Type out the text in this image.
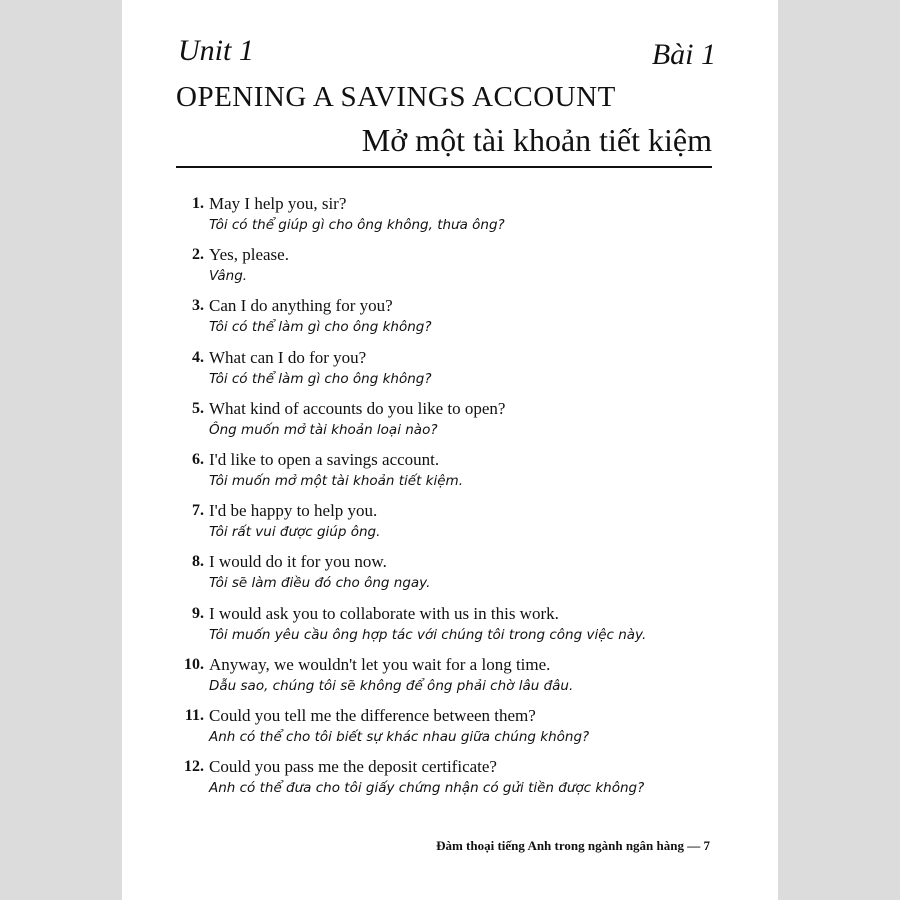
Unit 1	Bài 1
OPENING A SAVINGS ACCOUNT
Mở một tài khoản tiết kiệm
1. May I help you, sir?
Tôi có thể giúp gì cho ông không, thưa ông?
2. Yes, please.
Vâng.
3. Can I do anything for you?
Tôi có thể làm gì cho ông không?
4. What can I do for you?
Tôi có thể làm gì cho ông không?
5. What kind of accounts do you like to open?
Ông muốn mở tài khoản loại nào?
6. I'd like to open a savings account.
Tôi muốn mở một tài khoản tiết kiệm.
7. I'd be happy to help you.
Tôi rất vui được giúp ông.
8. I would do it for you now.
Tôi sẽ làm điều đó cho ông ngay.
9. I would ask you to collaborate with us in this work.
Tôi muốn yêu cầu ông hợp tác với chúng tôi trong công việc này.
10. Anyway, we wouldn't let you wait for a long time.
Dẫu sao, chúng tôi sẽ không để ông phải chờ lâu đâu.
11. Could you tell me the difference between them?
Anh có thể cho tôi biết sự khác nhau giữa chúng không?
12. Could you pass me the deposit certificate?
Anh có thể đưa cho tôi giấy chứng nhận có gửi tiền được không?
Đàm thoại tiếng Anh trong ngành ngân hàng — 7
